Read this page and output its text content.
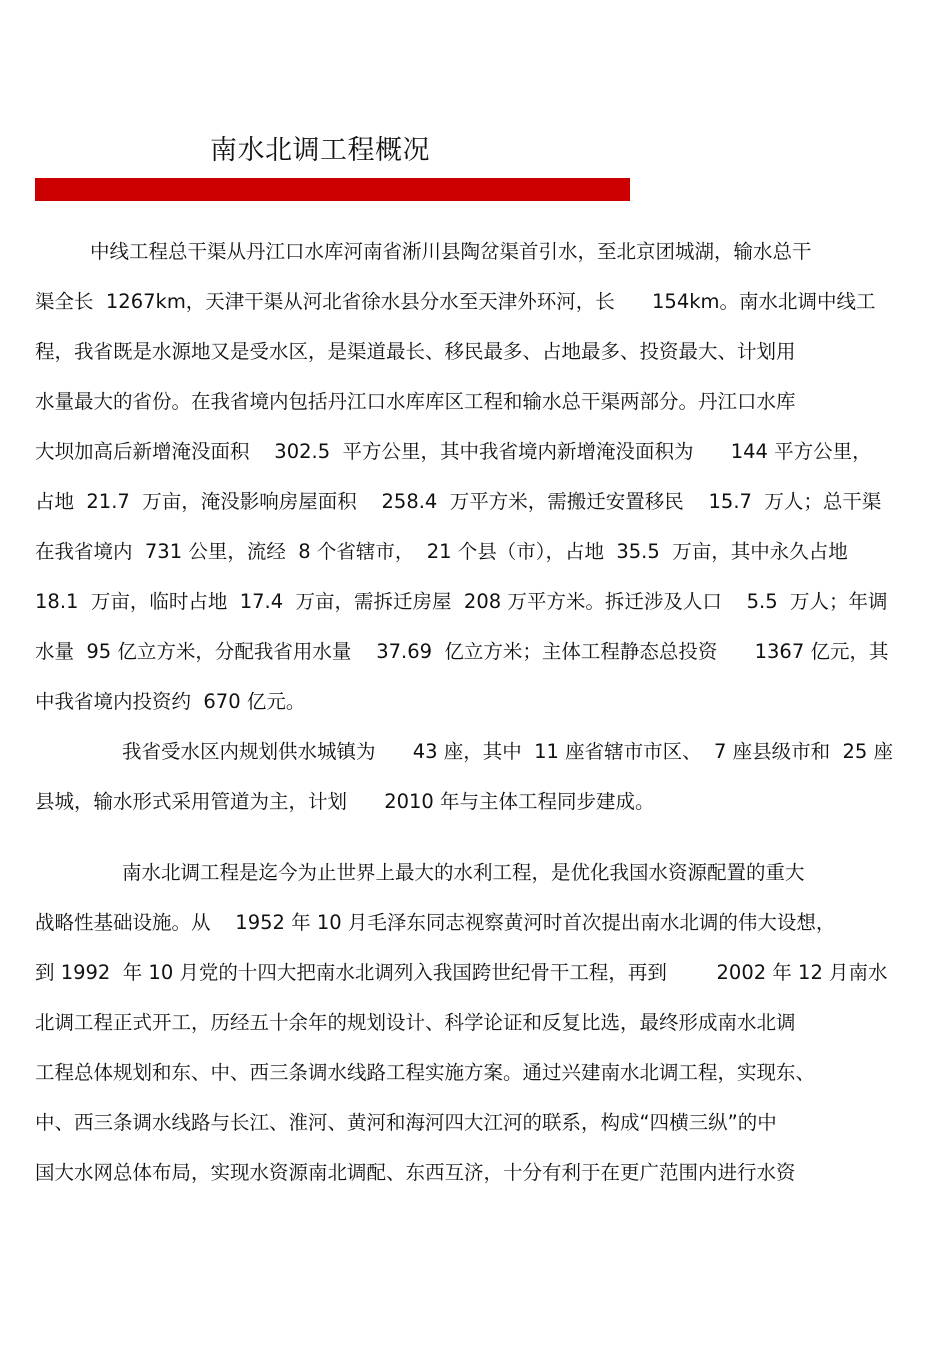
南水北调工程概况
中线工程总干渠从丹江口水库河南省淅川县陶岔渠首引水，至北京团城湖，输水总干
渠全长  1267km，天津干渠从河北省徐水县分水至天津外环河，长      154km。南水北调中线工
程，我省既是水源地又是受水区，是渠道最长、移民最多、占地最多、投资最大、计划用
水量最大的省份。在我省境内包括丹江口水库库区工程和输水总干渠两部分。丹江口水库
大坝加高后新增淹没面积    302.5  平方公里，其中我省境内新增淹没面积为      144 平方公里，
占地  21.7  万亩，淹没影响房屋面积    258.4  万平方米，需搬迁安置移民    15.7  万人；总干渠
在我省境内  731 公里，流经  8 个省辖市，  21 个县（市），占地  35.5  万亩，其中永久占地
18.1  万亩，临时占地  17.4  万亩，需拆迁房屋  208 万平方米。拆迁涉及人口    5.5  万人；年调
水量  95 亿立方米，分配我省用水量    37.69  亿立方米；主体工程静态总投资      1367 亿元，其
中我省境内投资约  670 亿元。
我省受水区内规划供水城镇为      43 座，其中  11 座省辖市市区、  7 座县级市和  25 座
县城，输水形式采用管道为主，计划      2010 年与主体工程同步建成。
南水北调工程是迄今为止世界上最大的水利工程，是优化我国水资源配置的重大
战略性基础设施。从    1952 年 10 月毛泽东同志视察黄河时首次提出南水北调的伟大设想，
到 1992  年 10 月党的十四大把南水北调列入我国跨世纪骨干工程，再到        2002 年 12 月南水
北调工程正式开工，历经五十余年的规划设计、科学论证和反复比选，最终形成南水北调
工程总体规划和东、中、西三条调水线路工程实施方案。通过兴建南水北调工程，实现东、
中、西三条调水线路与长江、淮河、黄河和海河四大江河的联系，构成“四横三纵”的中
国大水网总体布局，实现水资源南北调配、东西互济，十分有利于在更广范围内进行水资
